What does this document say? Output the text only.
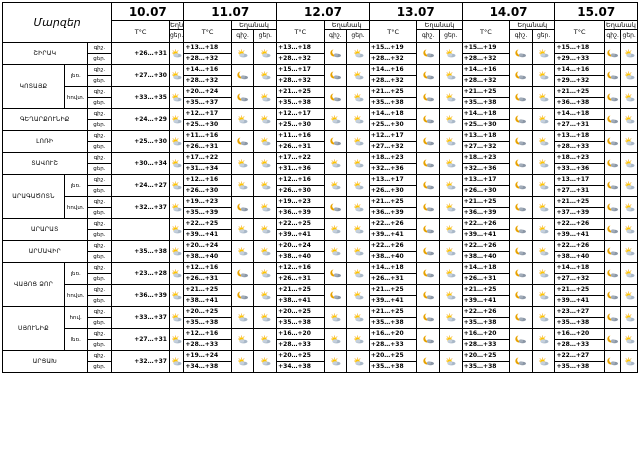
Մարզեր			10.07		11.07			12.07			13.07			14.07			15.07		
			T°C	Եղն	T°C	Եղանակ		T°C	Եղանակ		T°C	Եղանակ		T°C	Եղանակ		T°C	Եղանակ	
				ցեր.		գիշ.	ցեր.		գիշ.	ցեր.		գիշ.	ցեր.		գիշ.	ցեր.		գիշ.	ցեր.
ՇԻՐԱԿ		գիշ.	+26…+31		+13…+18			+13…+18			+15…+19			+15…+19			+15…+18		
		ցեր.			+28…+32			+28…+32			+28…+32			+28…+32			+29…+33		
ԿՈՏԱՅՔ	լեռ.	գիշ.	+27…+30		+14…+16			+15…+17			+14…+16			+14…+16			+14…+16		
		ցեր.			+28…+32			+28…+32			+28…+32			+28…+32			+29…+32		
	հովտ.	գիշ.	+33…+35		+20…+24			+21…+25			+21…+25			+21…+25			+21…+25		
		ցեր.			+35…+37			+35…+38			+35…+38			+35…+38			+36…+38		
ԳԵՂԱՐՔՈՒՆԻՔ		գիշ.	+24…+29		+12…+17			+12…+17			+14…+18			+14…+18			+14…+18		
		ցեր.			+25…+30			+25…+30			+25…+30			+25…+30			+27…+31		
ԼՈՌԻ		գիշ.	+25…+30		+11…+16			+11…+16			+12…+17			+13…+18			+13…+18		
		ցեր.			+26…+31			+26…+31			+27…+32			+27…+32			+28…+33		
ՏԱՎՈՒՇ		գիշ.	+30…+34		+17…+22			+17…+22			+18…+23			+18…+23			+18…+23		
		ցեր.			+31…+34			+31…+36			+32…+36			+32…+36			+33…+36		
ԱՐԱԳԱԾՈՏՆ	լեռ.	գիշ.	+24…+27		+12…+16			+12…+16			+13…+17			+13…+17			+13…+17		
		ցեր.			+26…+30			+26…+30			+26…+30			+26…+30			+27…+31		
	հովտ.	գիշ.	+32…+37		+19…+23			+19…+23			+21…+25			+21…+25			+21…+25		
		ցեր.			+35…+39			+36…+39			+36…+39			+36…+39			+37…+39		
ԱՐԱՐԱՏ		գիշ.			+22…+25			+22…+25			+22…+26			+22…+26			+22…+26		
		ցեր.			+39…+41			+39…+41			+39…+41			+39…+41			+39…+41		
ԱՐՄԱՎԻՐ		գիշ.	+35…+38		+20…+24			+20…+24			+22…+26			+22…+26			+22…+26		
		ցեր.			+38…+40			+38…+40			+38…+40			+38…+40			+38…+40		
ՎԱՅՈՑ ՁՈՐ	լեռ.	գիշ.	+23…+28		+12…+16			+12…+16			+14…+18			+14…+18			+14…+18		
		ցեր.			+26…+31			+26…+31			+26…+31			+26…+31			+27…+32		
	հովտ.	գիշ.	+36…+39		+21…+25			+21…+25			+21…+25			+21…+25			+21…+25		
		ցեր.			+38…+41			+38…+41			+39…+41			+39…+41			+39…+41		
ՍՅՈՒՆԻՔ	հով.	գիշ.	+33…+37		+20…+25			+20…+25			+21…+25			+22…+26			+23…+27		
		ցեր.			+35…+38			+35…+38			+35…+38			+35…+38			+35…+38		
	lեռ.	գիշ.	+27…+31		+12…+16			+16…+20			+16…+20			+16…+20			+16…+20		
		ցեր.			+28…+33			+28…+33			+28…+33			+28…+33			+28…+33		
ԱՐՑԱԽ		գիշ.	+32…+37		+19…+24			+20…+25			+20…+25			+20…+25			+22…+27		
		ցեր.			+34…+38			+34…+38			+35…+38			+35…+38			+35…+38		
